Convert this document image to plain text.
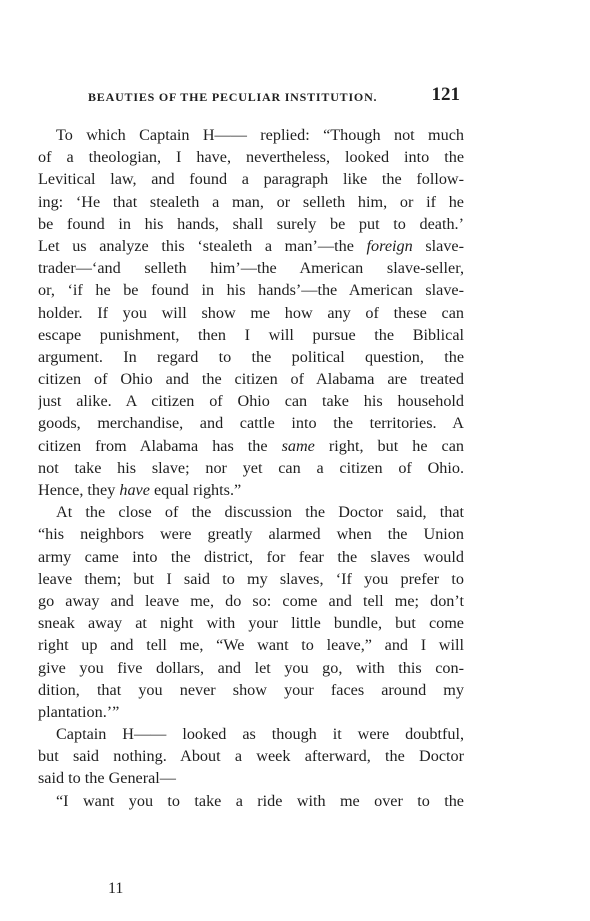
BEAUTIES OF THE PECULIAR INSTITUTION.	121
To which Captain H—— replied: “Though not much
of a theologian, I have, nevertheless, looked into the
Levitical law, and found a paragraph like the follow-
ing: ‘He that stealeth a man, or selleth him, or if he
be found in his hands, shall surely be put to death.’
Let us analyze this ‘stealeth a man’—the foreign slave-
trader—‘and selleth him’—the American slave-seller,
or, ‘if he be found in his hands’—the American slave-
holder. If you will show me how any of these can
escape punishment, then I will pursue the Biblical
argument. In regard to the political question, the
citizen of Ohio and the citizen of Alabama are treated
just alike. A citizen of Ohio can take his household
goods, merchandise, and cattle into the territories. A
citizen from Alabama has the same right, but he can
not take his slave; nor yet can a citizen of Ohio.
Hence, they have equal rights.”
At the close of the discussion the Doctor said, that
“his neighbors were greatly alarmed when the Union
army came into the district, for fear the slaves would
leave them; but I said to my slaves, ‘If you prefer to
go away and leave me, do so: come and tell me; don’t
sneak away at night with your little bundle, but come
right up and tell me, “We want to leave,” and I will
give you five dollars, and let you go, with this con-
dition, that you never show your faces around my
plantation.’”
Captain H—— looked as though it were doubtful,
but said nothing. About a week afterward, the Doctor
said to the General—
“I want you to take a ride with me over to the
11
